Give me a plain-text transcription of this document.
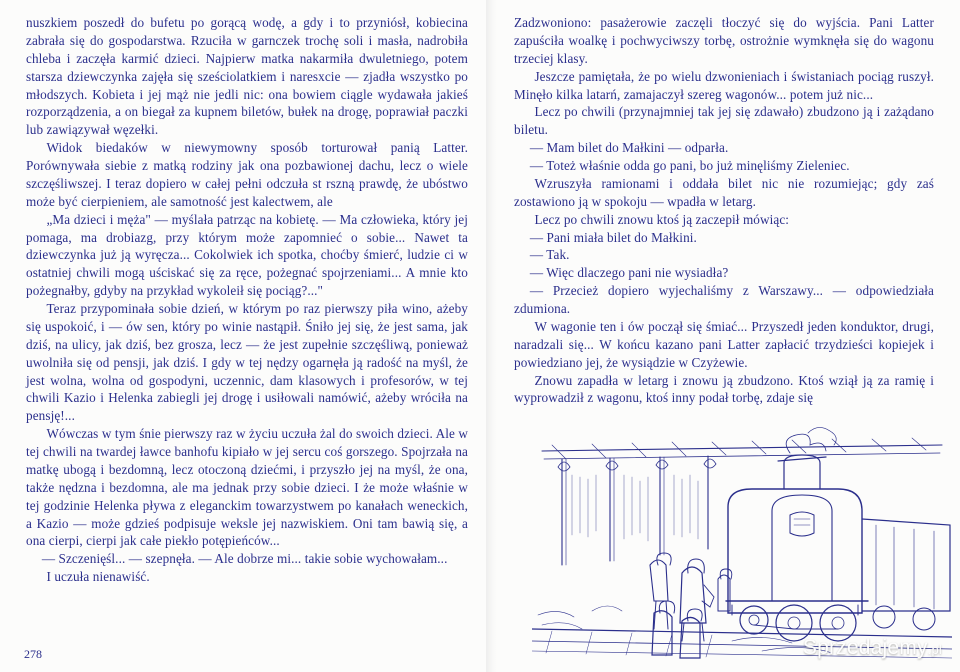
nuszkiem poszedł do bufetu po gorącą wodę, a gdy i to przyniósł, kobiecina zabrała się do gospodarstwa. Rzuciła w garnczek trochę soli i masła, nadrobiła chleba i zaczęła karmić dzieci. Najpierw matka nakarmiła dwuletniego, potem starsza dziewczynka zajęła się sześciolatkiem i naresxcie — zjadła wszystko po młodszych. Kobieta i jej mąż nie jedli nic: ona bowiem ciągle wydawała jakieś rozporządzenia, a on biegał za kupnem biletów, bułek na drogę, poprawiał paczki lub zawiązywał węzełki.

Widok biedaków w niewymowny sposób torturował panią Latter. Porównywała siebie z matką rodziny jak ona pozbawionej dachu, lecz o wiele szczęśliwszej. I teraz dopiero w całej pełni odczuła st rszną prawdę, że ubóstwo może być cierpieniem, ale samotność jest kalectwem, ale

„Ma dzieci i męża" — myślała patrząc na kobietę. — Ma człowieka, który jej pomaga, ma drobiazg, przy którym może zapomnieć o sobie... Nawet ta dziewczynka już ją wyręcza... Cokolwiek ich spotka, choćby śmierć, ludzie ci w ostatniej chwili mogą uściskać się za ręce, pożegnać spojrzeniami... A mnie kto pożegnałby, gdyby na przykład wykoleił się pociąg?..."

Teraz przypominała sobie dzień, w którym po raz pierwszy piła wino, ażeby się uspokoić, i — ów sen, który po winie nastąpił. Śniło jej się, że jest sama, jak dziś, na ulicy, jak dziś, bez grosza, lecz — że jest zupełnie szczęśliwą, ponieważ uwolniła się od pensji, jak dziś. I gdy w tej nędzy ogarnęła ją radość na myśl, że jest wolna, wolna od gospodyni, uczennic, dam klasowych i profesorów, w tej chwili Kazio i Helenka zabiegli jej drogę i usiłowali namówić, ażeby wróciła na pensję!...

Wówczas w tym śnie pierwszy raz w życiu uczuła żal do swoich dzieci. Ale w tej chwili na twardej ławce banhofu kipiało w jej sercu coś gorszego. Spojrzała na matkę ubogą i bezdomną, lecz otoczoną dziećmi, i przyszło jej na myśl, że ona, także nędzna i bezdomna, ale ma jednak przy sobie dzieci. I że może właśnie w tej godzinie Helenka pływa z eleganckim towarzystwem po kanałach weneckich, a Kazio — może gdzieś podpisuje weksle jej nazwiskiem. Oni tam bawią się, a ona cierpi, cierpi jak całe piekło potępieńców...

— Szczenięśl... — szepnęła. — Ale dobrze mi... takie sobie wychowałam...

I uczuła nienawiść.

278

Zadzwoniono: pasażerowie zaczęli tłoczyć się do wyjścia. Pani Latter zapuściła woalkę i pochwyciwszy torbę, ostrożnie wymknęła się do wagonu trzeciej klasy.

Jeszcze pamiętała, że po wielu dzwonieniach i świstaniach pociąg ruszył. Minęło kilka latarń, zamajaczył szereg wagonów... potem już nic...

Lecz po chwili (przynajmniej tak jej się zdawało) zbudzono ją i zażądano biletu.

— Mam bilet do Małkini — odparła.

— Toteż właśnie odda go pani, bo już minęliśmy Zieleniec.

Wzruszyła ramionami i oddała bilet nic nie rozumiejąc; gdy zaś zostawiono ją w spokoju — wpadła w letarg.

Lecz po chwili znowu ktoś ją zaczepił mówiąc:

— Pani miała bilet do Małkini.

— Tak.

— Więc dlaczego pani nie wysiadła?

— Przecież dopiero wyjechaliśmy z Warszawy... — odpowiedziała zdumiona.

W wagonie ten i ów począł się śmiać... Przyszedł jeden konduktor, drugi, naradzali się... W końcu kazano pani Latter zapłacić trzydzieści kopiejek i powiedziano jej, że wysiądzie w Czyżewie.

Znowu zapadła w letarg i znowu ją zbudzono. Ktoś wziął ją za ramię i wyprowadził z wagonu, ktoś inny podał torbę, zdaje się

Sprzedajemy.pl
